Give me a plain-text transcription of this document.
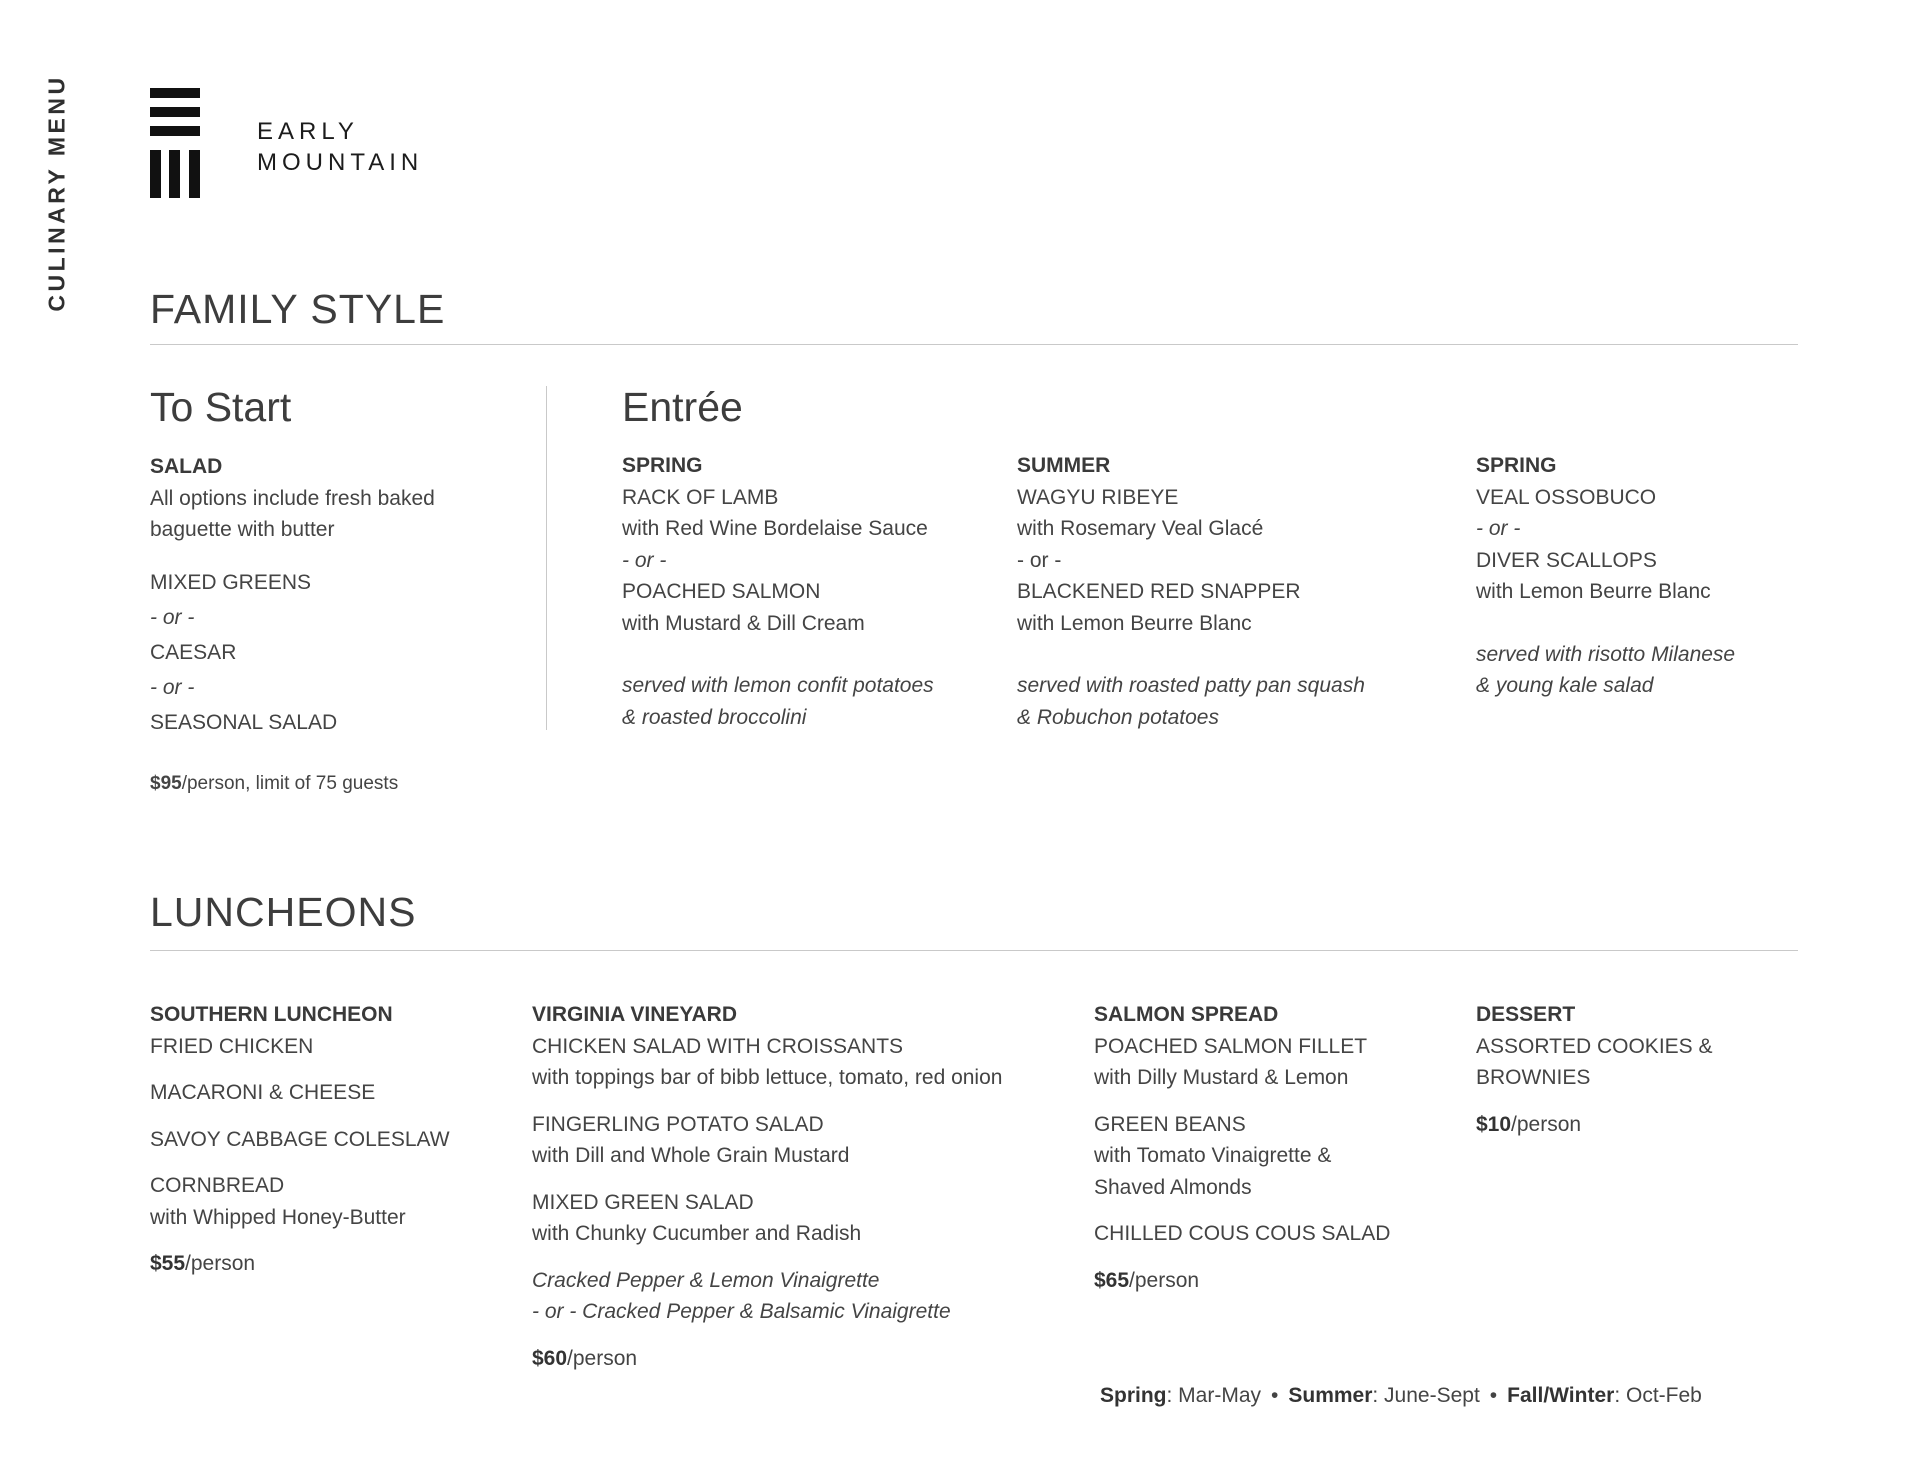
CULINARY MENU	EARLY
MOUNTAIN
FAMILY STYLE
To Start
SALAD
All options include fresh baked
baguette with butter
MIXED GREENS
- or -
CAESAR
- or -
SEASONAL SALAD
$95/person, limit of 75 guests
Entrée
SPRING
RACK OF LAMB
with Red Wine Bordelaise Sauce
- or -
POACHED SALMON
with Mustard & Dill Cream
served with lemon confit potatoes
& roasted broccolini
SUMMER
WAGYU RIBEYE
with Rosemary Veal Glacé
- or -
BLACKENED RED SNAPPER
with Lemon Beurre Blanc
served with roasted patty pan squash
& Robuchon potatoes
SPRING
VEAL OSSOBUCO
- or -
DIVER SCALLOPS
with Lemon Beurre Blanc
served with risotto Milanese
& young kale salad
LUNCHEONS
SOUTHERN LUNCHEON
FRIED CHICKEN
MACARONI & CHEESE
SAVOY CABBAGE COLESLAW
CORNBREAD
with Whipped Honey-Butter
$55/person
VIRGINIA VINEYARD
CHICKEN SALAD WITH CROISSANTS
with toppings bar of bibb lettuce, tomato, red onion
FINGERLING POTATO SALAD
with Dill and Whole Grain Mustard
MIXED GREEN SALAD
with Chunky Cucumber and Radish
Cracked Pepper & Lemon Vinaigrette
- or - Cracked Pepper & Balsamic Vinaigrette
$60/person
SALMON SPREAD
POACHED SALMON FILLET
with Dilly Mustard & Lemon
GREEN BEANS
with Tomato Vinaigrette &
Shaved Almonds
CHILLED COUS COUS SALAD
$65/person
DESSERT
ASSORTED COOKIES &
BROWNIES
$10/person
Spring: Mar-May • Summer: June-Sept • Fall/Winter: Oct-Feb
